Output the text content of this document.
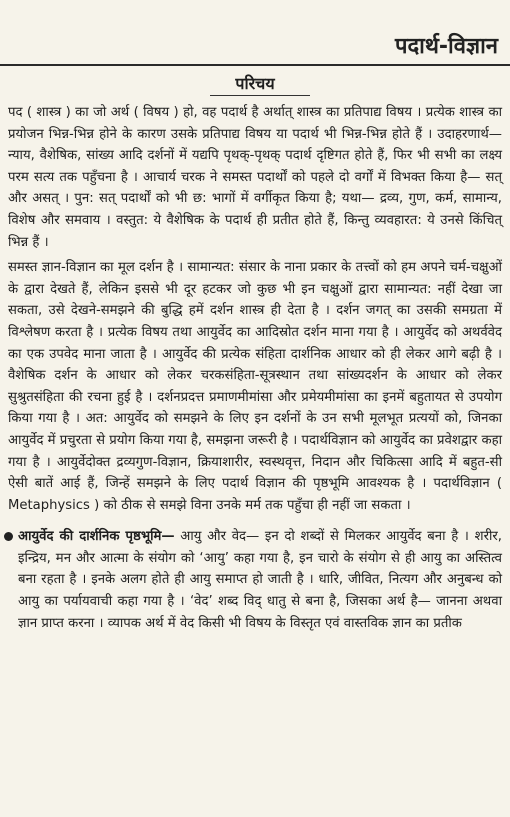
पदार्थ-विज्ञान
परिचय

पद ( शास्त्र ) का जो अर्थ ( विषय ) हो, वह पदार्थ है अर्थात् शास्त्र का प्रतिपाद्य विषय । प्रत्येक शास्त्र का प्रयोजन भिन्न-भिन्न होने के कारण उसके प्रतिपाद्य विषय या पदार्थ भी भिन्न-भिन्न होते हैं । उदाहरणार्थ— न्याय, वैशेषिक, सांख्य आदि दर्शनों में यद्यपि पृथक्-पृथक् पदार्थ दृष्टिगत होते हैं, फिर भी सभी का लक्ष्य परम सत्य तक पहुँचना है । आचार्य चरक ने समस्त पदार्थों को पहले दो वर्गों में विभक्त किया है— सत् और असत् । पुन: सत् पदार्थों को भी छ: भागों में वर्गीकृत किया है; यथा— द्रव्य, गुण, कर्म, सामान्य, विशेष और समवाय । वस्तुत: ये वैशेषिक के पदार्थ ही प्रतीत होते हैं, किन्तु व्यवहारत: ये उनसे किंचित् भिन्न हैं ।

समस्त ज्ञान-विज्ञान का मूल दर्शन है । सामान्यत: संसार के नाना प्रकार के तत्त्वों को हम अपने चर्म-चक्षुओं के द्वारा देखते हैं, लेकिन इससे भी दूर हटकर जो कुछ भी इन चक्षुओं द्वारा सामान्यत: नहीं देखा जा सकता, उसे देखने-समझने की बुद्धि हमें दर्शन शास्त्र ही देता है । दर्शन जगत् का उसकी समग्रता में विश्लेषण करता है । प्रत्येक विषय तथा आयुर्वेद का आदिस्रोत दर्शन माना गया है । आयुर्वेद को अथर्ववेद का एक उपवेद माना जाता है । आयुर्वेद की प्रत्येक संहिता दार्शनिक आधार को ही लेकर आगे बढ़ी है । वैशेषिक दर्शन के आधार को लेकर चरकसंहिता-सूत्रस्थान तथा सांख्यदर्शन के आधार को लेकर सुश्रुतसंहिता की रचना हुई है । दर्शनप्रदत्त प्रमाणमीमांसा और प्रमेयमीमांसा का इनमें बहुतायत से उपयोग किया गया है । अत: आयुर्वेद को समझने के लिए इन दर्शनों के उन सभी मूलभूत प्रत्ययों को, जिनका आयुर्वेद में प्रचुरता से प्रयोग किया गया है, समझना जरूरी है । पदार्थविज्ञान को आयुर्वेद का प्रवेशद्वार कहा गया है । आयुर्वेदोक्त द्रव्यगुण-विज्ञान, क्रियाशारीर, स्वस्थवृत्त, निदान और चिकित्सा आदि में बहुत-सी ऐसी बातें आई हैं, जिन्हें समझने के लिए पदार्थ विज्ञान की पृष्ठभूमि आवश्यक है । पदार्थविज्ञान ( Metaphysics ) को ठीक से समझे विना उनके मर्म तक पहुँचा ही नहीं जा सकता ।

आयुर्वेद की दार्शनिक पृष्ठभूमि— आयु और वेद— इन दो शब्दों से मिलकर आयुर्वेद बना है । शरीर, इन्द्रिय, मन और आत्मा के संयोग को ‘आयु’ कहा गया है, इन चारो के संयोग से ही आयु का अस्तित्व बना रहता है । इनके अलग होते ही आयु समाप्त हो जाती है । धारि, जीवित, नित्यग और अनुबन्ध को आयु का पर्यायवाची कहा गया है । ‘वेद’ शब्द विद् धातु से बना है, जिसका अर्थ है— जानना अथवा ज्ञान प्राप्त करना । व्यापक अर्थ में वेद किसी भी विषय के विस्तृत एवं वास्तविक ज्ञान का प्रतीक
